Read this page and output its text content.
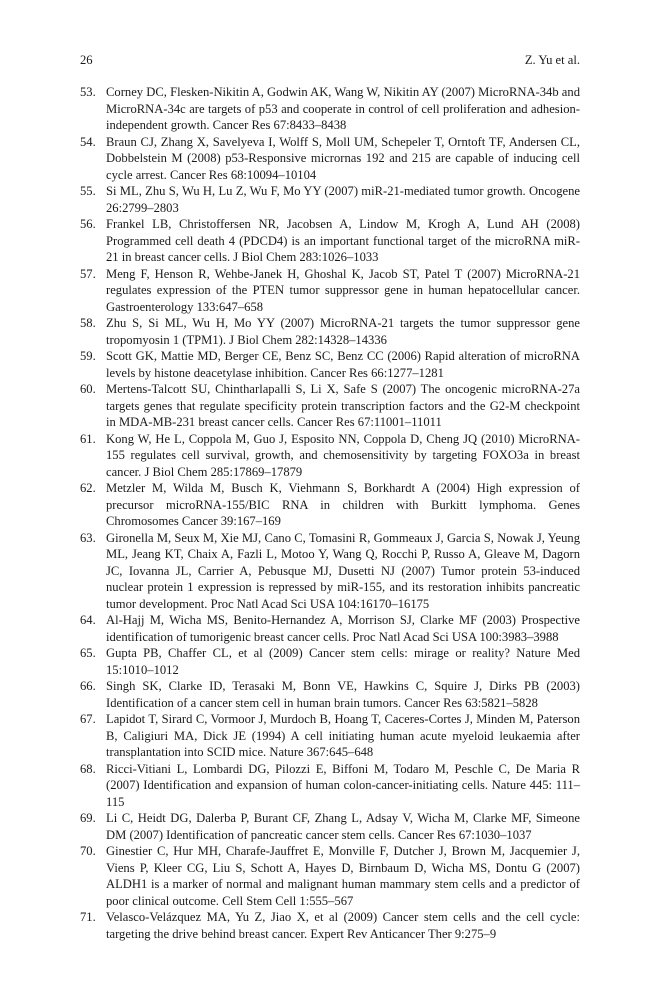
26	Z. Yu et al.
53. Corney DC, Flesken-Nikitin A, Godwin AK, Wang W, Nikitin AY (2007) MicroRNA-34b and MicroRNA-34c are targets of p53 and cooperate in control of cell proliferation and adhesion-independent growth. Cancer Res 67:8433–8438
54. Braun CJ, Zhang X, Savelyeva I, Wolff S, Moll UM, Schepeler T, Orntoft TF, Andersen CL, Dobbelstein M (2008) p53-Responsive micrornas 192 and 215 are capable of inducing cell cycle arrest. Cancer Res 68:10094–10104
55. Si ML, Zhu S, Wu H, Lu Z, Wu F, Mo YY (2007) miR-21-mediated tumor growth. Oncogene 26:2799–2803
56. Frankel LB, Christoffersen NR, Jacobsen A, Lindow M, Krogh A, Lund AH (2008) Programmed cell death 4 (PDCD4) is an important functional target of the microRNA miR-21 in breast cancer cells. J Biol Chem 283:1026–1033
57. Meng F, Henson R, Wehbe-Janek H, Ghoshal K, Jacob ST, Patel T (2007) MicroRNA-21 regulates expression of the PTEN tumor suppressor gene in human hepatocellular cancer. Gastroenterology 133:647–658
58. Zhu S, Si ML, Wu H, Mo YY (2007) MicroRNA-21 targets the tumor suppressor gene tropomyosin 1 (TPM1). J Biol Chem 282:14328–14336
59. Scott GK, Mattie MD, Berger CE, Benz SC, Benz CC (2006) Rapid alteration of microRNA levels by histone deacetylase inhibition. Cancer Res 66:1277–1281
60. Mertens-Talcott SU, Chintharlapalli S, Li X, Safe S (2007) The oncogenic microRNA-27a targets genes that regulate specificity protein transcription factors and the G2-M checkpoint in MDA-MB-231 breast cancer cells. Cancer Res 67:11001–11011
61. Kong W, He L, Coppola M, Guo J, Esposito NN, Coppola D, Cheng JQ (2010) MicroRNA-155 regulates cell survival, growth, and chemosensitivity by targeting FOXO3a in breast cancer. J Biol Chem 285:17869–17879
62. Metzler M, Wilda M, Busch K, Viehmann S, Borkhardt A (2004) High expression of precursor microRNA-155/BIC RNA in children with Burkitt lymphoma. Genes Chromosomes Cancer 39:167–169
63. Gironella M, Seux M, Xie MJ, Cano C, Tomasini R, Gommeaux J, Garcia S, Nowak J, Yeung ML, Jeang KT, Chaix A, Fazli L, Motoo Y, Wang Q, Rocchi P, Russo A, Gleave M, Dagorn JC, Iovanna JL, Carrier A, Pebusque MJ, Dusetti NJ (2007) Tumor protein 53-induced nuclear protein 1 expression is repressed by miR-155, and its restoration inhibits pancreatic tumor development. Proc Natl Acad Sci USA 104:16170–16175
64. Al-Hajj M, Wicha MS, Benito-Hernandez A, Morrison SJ, Clarke MF (2003) Prospective identification of tumorigenic breast cancer cells. Proc Natl Acad Sci USA 100:3983–3988
65. Gupta PB, Chaffer CL, et al (2009) Cancer stem cells: mirage or reality? Nature Med 15:1010–1012
66. Singh SK, Clarke ID, Terasaki M, Bonn VE, Hawkins C, Squire J, Dirks PB (2003) Identification of a cancer stem cell in human brain tumors. Cancer Res 63:5821–5828
67. Lapidot T, Sirard C, Vormoor J, Murdoch B, Hoang T, Caceres-Cortes J, Minden M, Paterson B, Caligiuri MA, Dick JE (1994) A cell initiating human acute myeloid leukaemia after transplantation into SCID mice. Nature 367:645–648
68. Ricci-Vitiani L, Lombardi DG, Pilozzi E, Biffoni M, Todaro M, Peschle C, De Maria R (2007) Identification and expansion of human colon-cancer-initiating cells. Nature 445: 111–115
69. Li C, Heidt DG, Dalerba P, Burant CF, Zhang L, Adsay V, Wicha M, Clarke MF, Simeone DM (2007) Identification of pancreatic cancer stem cells. Cancer Res 67:1030–1037
70. Ginestier C, Hur MH, Charafe-Jauffret E, Monville F, Dutcher J, Brown M, Jacquemier J, Viens P, Kleer CG, Liu S, Schott A, Hayes D, Birnbaum D, Wicha MS, Dontu G (2007) ALDH1 is a marker of normal and malignant human mammary stem cells and a predictor of poor clinical outcome. Cell Stem Cell 1:555–567
71. Velasco-Velázquez MA, Yu Z, Jiao X, et al (2009) Cancer stem cells and the cell cycle: targeting the drive behind breast cancer. Expert Rev Anticancer Ther 9:275–9
